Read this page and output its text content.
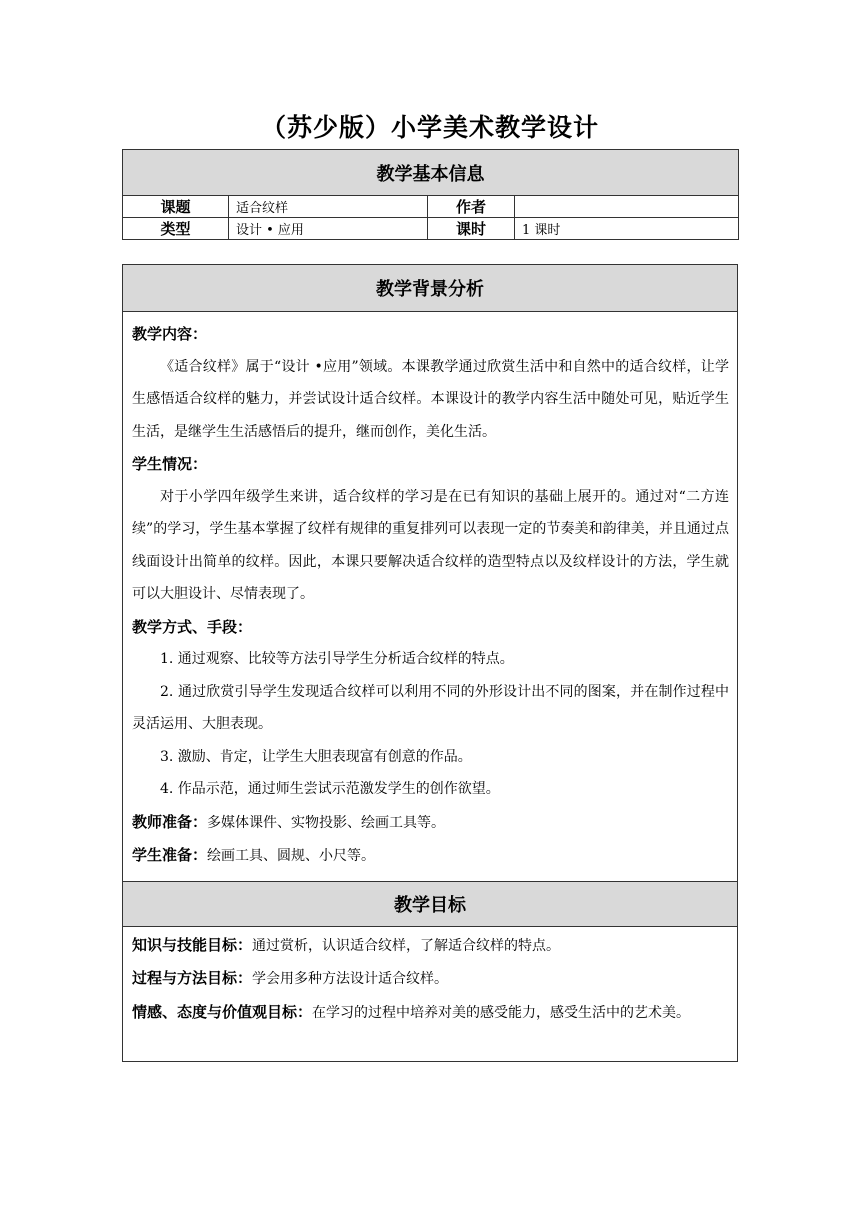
（苏少版）小学美术教学设计
教学基本信息			
课题	适合纹样	作者	
类型	设计 • 应用	课时	1 课时
教学背景分析

教学内容：

《适合纹样》属于“设计 •应用”领域。本课教学通过欣赏生活中和自然中的适合纹样，让学生感悟适合纹样的魅力，并尝试设计适合纹样。本课设计的教学内容生活中随处可见，贴近学生生活，是继学生生活感悟后的提升，继而创作，美化生活。

学生情况：

对于小学四年级学生来讲，适合纹样的学习是在已有知识的基础上展开的。通过对“二方连续”的学习，学生基本掌握了纹样有规律的重复排列可以表现一定的节奏美和韵律美，并且通过点线面设计出简单的纹样。因此，本课只要解决适合纹样的造型特点以及纹样设计的方法，学生就可以大胆设计、尽情表现了。

教学方式、手段：

1. 通过观察、比较等方法引导学生分析适合纹样的特点。

2. 通过欣赏引导学生发现适合纹样可以利用不同的外形设计出不同的图案，并在制作过程中灵活运用、大胆表现。

3. 激励、肯定，让学生大胆表现富有创意的作品。

4. 作品示范，通过师生尝试示范激发学生的创作欲望。

教师准备：多媒体课件、实物投影、绘画工具等。

学生准备：绘画工具、圆规、小尺等。

教学目标

知识与技能目标：通过赏析，认识适合纹样，了解适合纹样的特点。

过程与方法目标：学会用多种方法设计适合纹样。

情感、态度与价值观目标：在学习的过程中培养对美的感受能力，感受生活中的艺术美。
